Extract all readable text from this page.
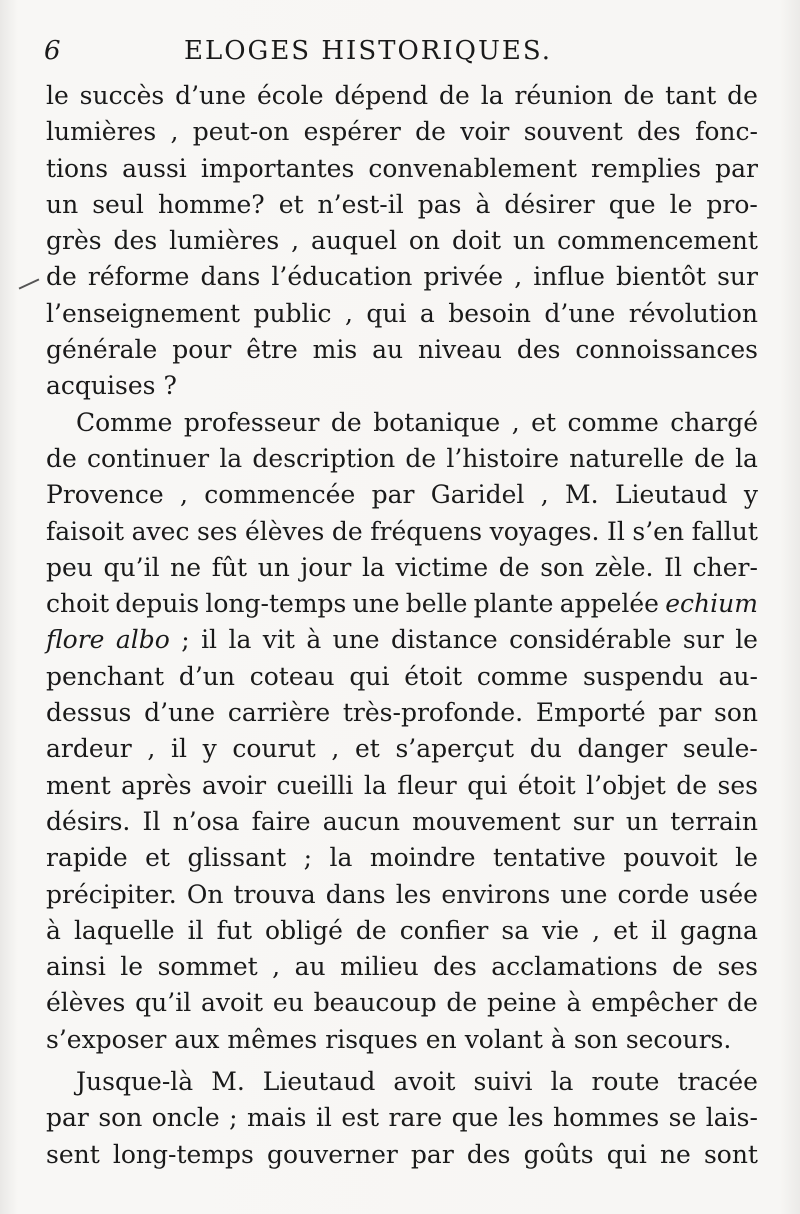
6	ELOGES HISTORIQUES.
le succès d’une école dépend de la réunion de tant de
lumières , peut-on espérer de voir souvent des fonc-
tions aussi importantes convenablement remplies par
un seul homme? et n’est-il pas à désirer que le pro-
grès des lumières , auquel on doit un commencement
de réforme dans l’éducation privée , influe bientôt sur
l’enseignement public , qui a besoin d’une révolution
générale pour être mis au niveau des connoissances
acquises ?
Comme professeur de botanique , et comme chargé
de continuer la description de l’histoire naturelle de la
Provence , commencée par Garidel , M. Lieutaud y
faisoit avec ses élèves de fréquens voyages. Il s’en fallut
peu qu’il ne fût un jour la victime de son zèle. Il cher-
choit depuis long-temps une belle plante appelée echium
flore albo ; il la vit à une distance considérable sur le
penchant d’un coteau qui étoit comme suspendu au-
dessus d’une carrière très-profonde. Emporté par son
ardeur , il y courut , et s’aperçut du danger seule-
ment après avoir cueilli la fleur qui étoit l’objet de ses
désirs. Il n’osa faire aucun mouvement sur un terrain
rapide et glissant ; la moindre tentative pouvoit le
précipiter. On trouva dans les environs une corde usée
à laquelle il fut obligé de confier sa vie , et il gagna
ainsi le sommet , au milieu des acclamations de ses
élèves qu’il avoit eu beaucoup de peine à empêcher de
s’exposer aux mêmes risques en volant à son secours.
Jusque-là M. Lieutaud avoit suivi la route tracée
par son oncle ; mais il est rare que les hommes se lais-
sent long-temps gouverner par des goûts qui ne sont
